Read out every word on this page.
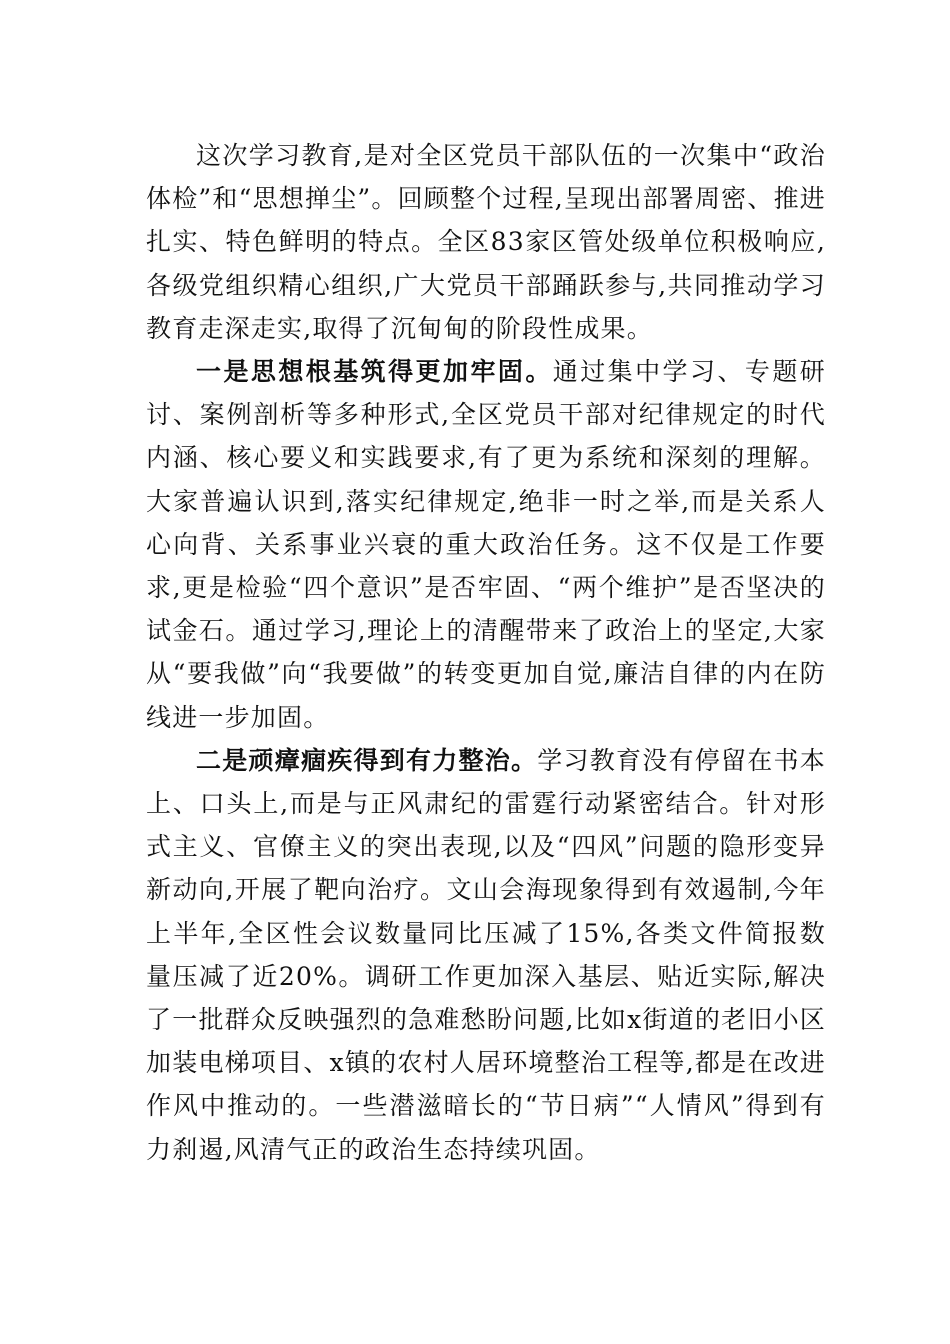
这次学习教育,是对全区党员干部队伍的一次集中“政治体检”和“思想掸尘”。回顾整个过程,呈现出部署周密、推进扎实、特色鲜明的特点。全区83家区管处级单位积极响应,各级党组织精心组织,广大党员干部踊跃参与,共同推动学习教育走深走实,取得了沉甸甸的阶段性成果。

一是思想根基筑得更加牢固。通过集中学习、专题研讨、案例剖析等多种形式,全区党员干部对纪律规定的时代内涵、核心要义和实践要求,有了更为系统和深刻的理解。大家普遍认识到,落实纪律规定,绝非一时之举,而是关系人心向背、关系事业兴衰的重大政治任务。这不仅是工作要求,更是检验“四个意识”是否牢固、“两个维护”是否坚决的试金石。通过学习,理论上的清醒带来了政治上的坚定,大家从“要我做”向“我要做”的转变更加自觉,廉洁自律的内在防线进一步加固。

二是顽瘴痼疾得到有力整治。学习教育没有停留在书本上、口头上,而是与正风肃纪的雷霆行动紧密结合。针对形式主义、官僚主义的突出表现,以及“四风”问题的隐形变异新动向,开展了靶向治疗。文山会海现象得到有效遏制,今年上半年,全区性会议数量同比压减了15%,各类文件简报数量压减了近20%。调研工作更加深入基层、贴近实际,解决了一批群众反映强烈的急难愁盼问题,比如x街道的老旧小区加装电梯项目、x镇的农村人居环境整治工程等,都是在改进作风中推动的。一些潜滋暗长的“节日病”“人情风”得到有力刹遏,风清气正的政治生态持续巩固。
